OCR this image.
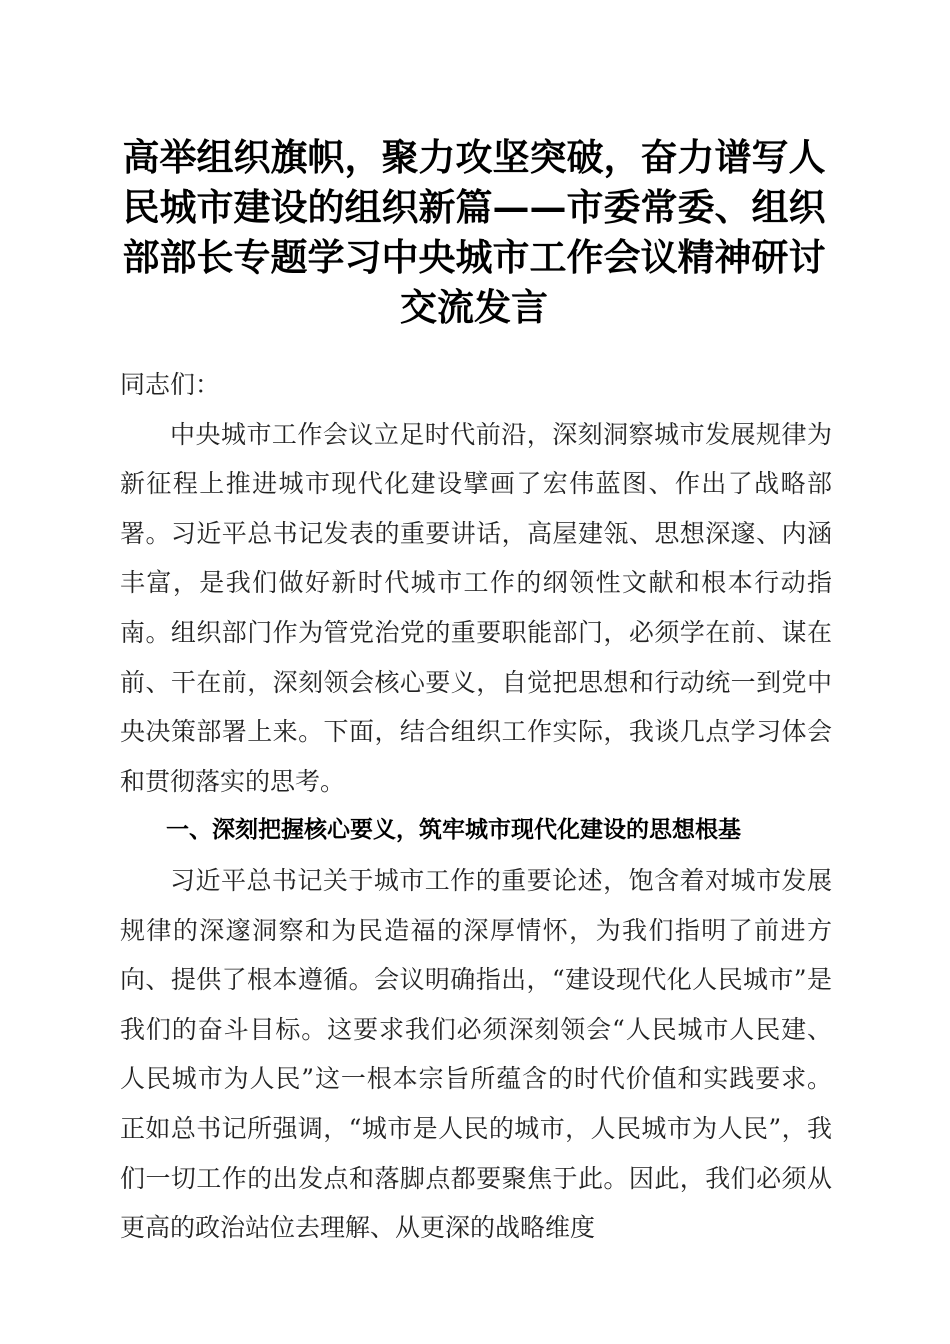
高举组织旗帜，聚力攻坚突破，奋力谱写人民城市建设的组织新篇——市委常委、组织部部长专题学习中央城市工作会议精神研讨交流发言

同志们：

中央城市工作会议立足时代前沿，深刻洞察城市发展规律为新征程上推进城市现代化建设擘画了宏伟蓝图、作出了战略部署。习近平总书记发表的重要讲话，高屋建瓴、思想深邃、内涵丰富，是我们做好新时代城市工作的纲领性文献和根本行动指南。组织部门作为管党治党的重要职能部门，必须学在前、谋在前、干在前，深刻领会核心要义，自觉把思想和行动统一到党中央决策部署上来。下面，结合组织工作实际，我谈几点学习体会和贯彻落实的思考。

一、深刻把握核心要义，筑牢城市现代化建设的思想根基

习近平总书记关于城市工作的重要论述，饱含着对城市发展规律的深邃洞察和为民造福的深厚情怀，为我们指明了前进方向、提供了根本遵循。会议明确指出，“建设现代化人民城市”是我们的奋斗目标。这要求我们必须深刻领会“人民城市人民建、人民城市为人民”这一根本宗旨所蕴含的时代价值和实践要求。正如总书记所强调，“城市是人民的城市，人民城市为人民”，我们一切工作的出发点和落脚点都要聚焦于此。因此，我们必须从更高的政治站位去理解、从更深的战略维度
